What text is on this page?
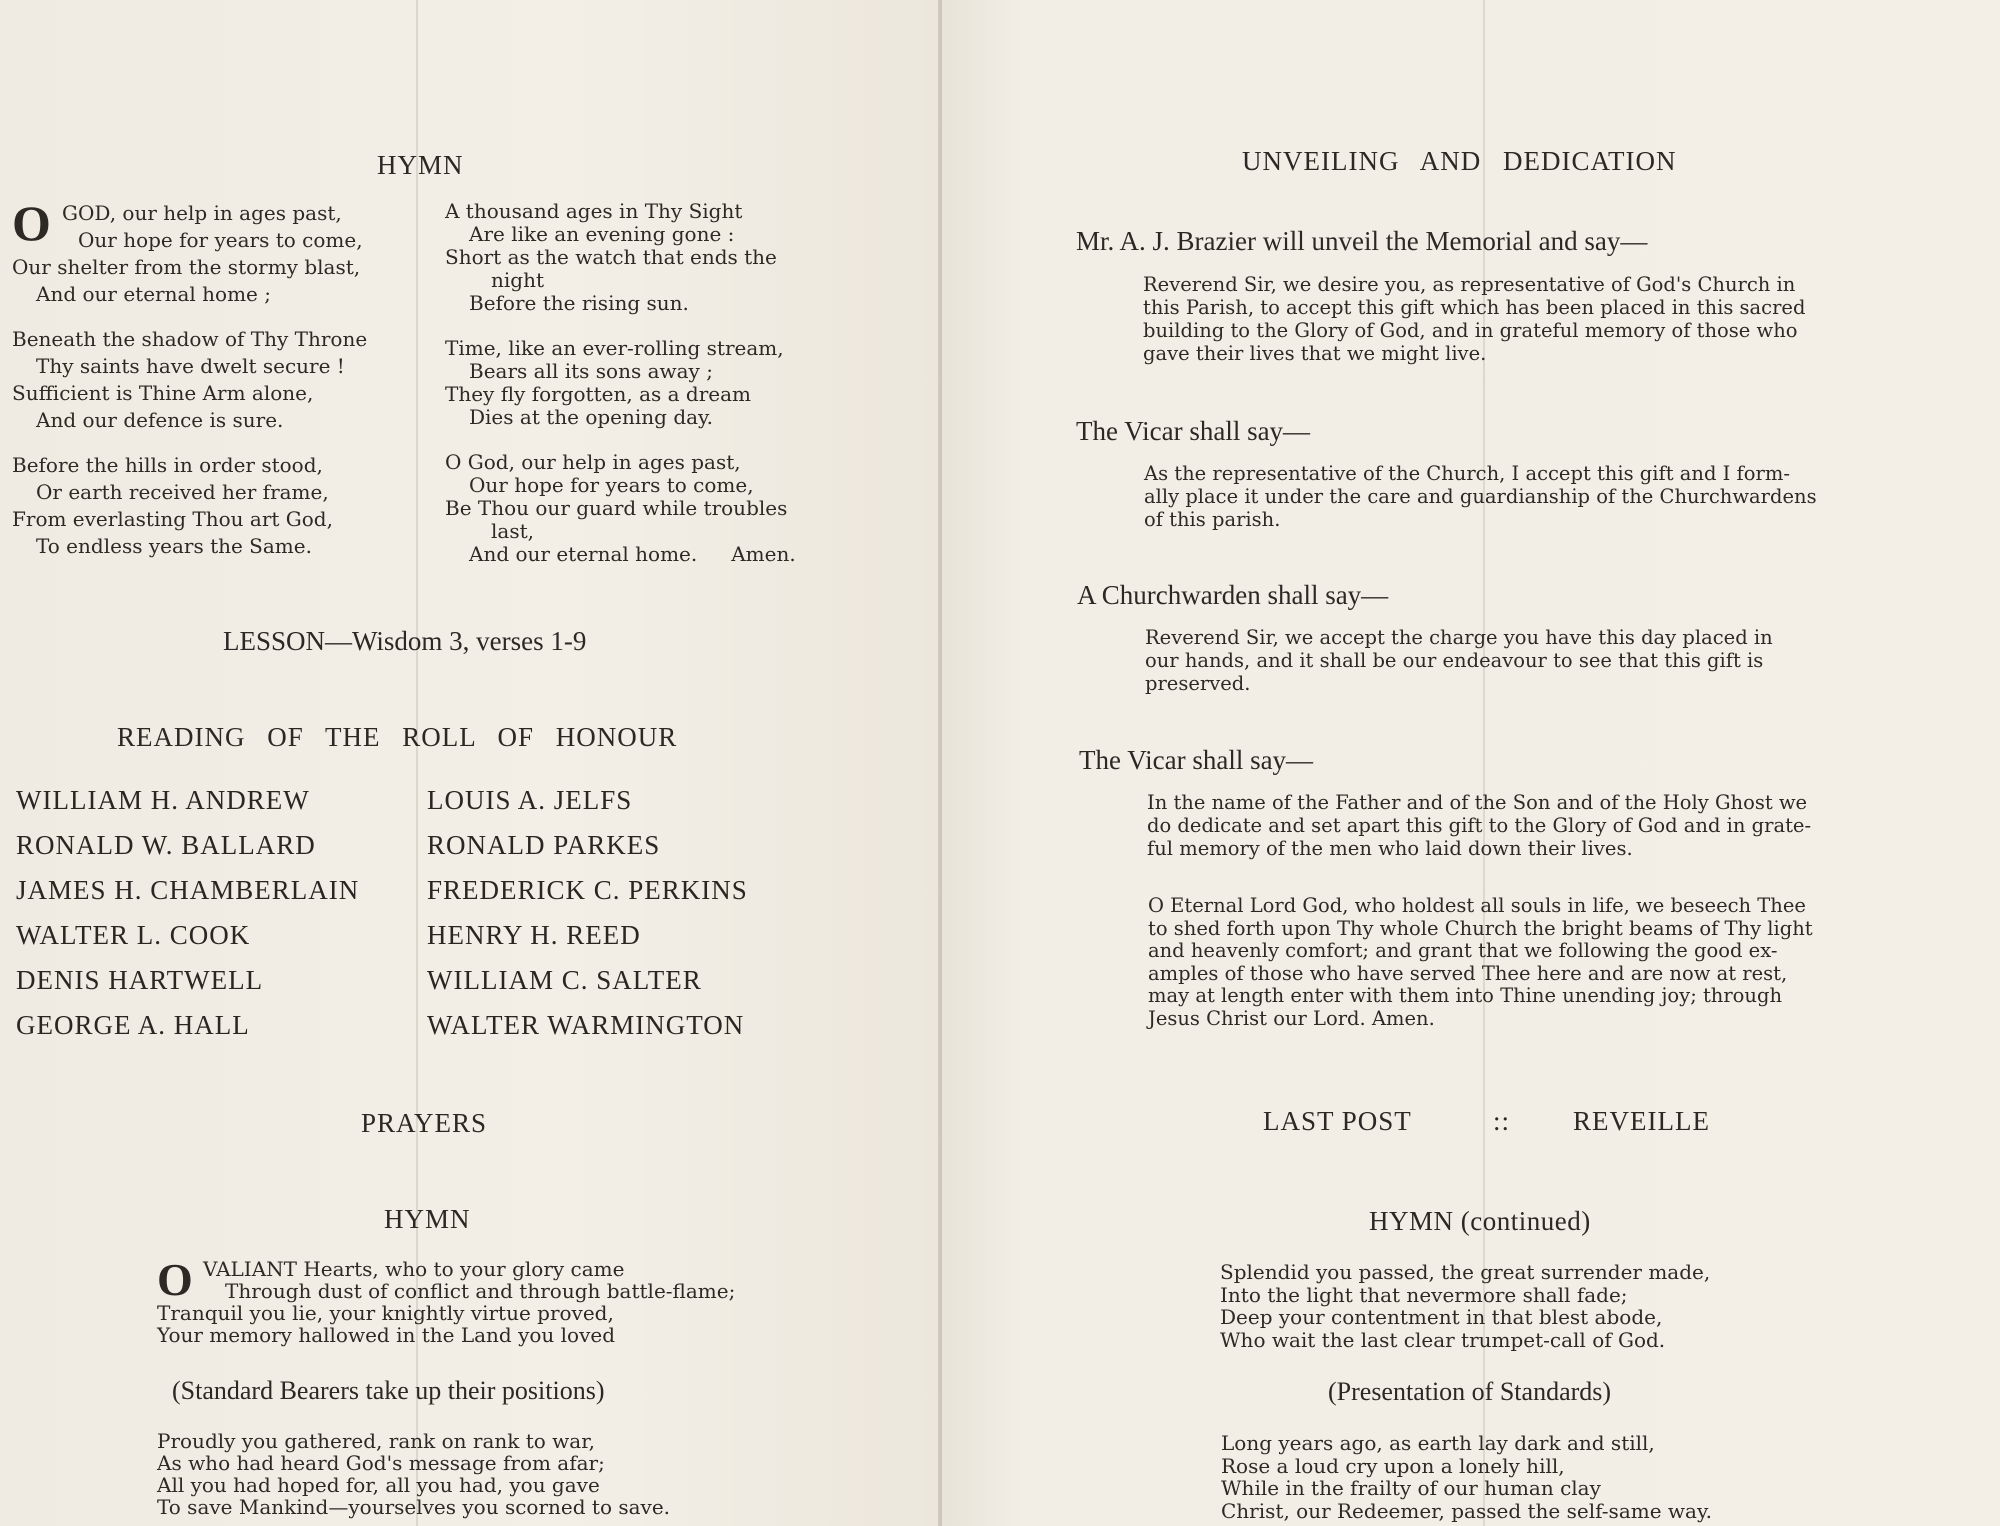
HYMN
O GOD, our help in ages past,
Our hope for years to come,
Our shelter from the stormy blast,
And our eternal home ;
Beneath the shadow of Thy Throne
Thy saints have dwelt secure !
Sufficient is Thine Arm alone,
And our defence is sure.
Before the hills in order stood,
Or earth received her frame,
From everlasting Thou art God,
To endless years the Same.
A thousand ages in Thy Sight
Are like an evening gone :
Short as the watch that ends the
night
Before the rising sun.
Time, like an ever-rolling stream,
Bears all its sons away ;
They fly forgotten, as a dream
Dies at the opening day.
O God, our help in ages past,
Our hope for years to come,
Be Thou our guard while troubles
last,
And our eternal home. Amen.
LESSON—Wisdom 3, verses 1-9
READING OF THE ROLL OF HONOUR
WILLIAM H. ANDREW
RONALD W. BALLARD
JAMES H. CHAMBERLAIN
WALTER L. COOK
DENIS HARTWELL
GEORGE A. HALL
LOUIS A. JELFS
RONALD PARKES
FREDERICK C. PERKINS
HENRY H. REED
WILLIAM C. SALTER
WALTER WARMINGTON
PRAYERS
HYMN
O VALIANT Hearts, who to your glory came
Through dust of conflict and through battle-flame;
Tranquil you lie, your knightly virtue proved,
Your memory hallowed in the Land you loved
(Standard Bearers take up their positions)
Proudly you gathered, rank on rank to war,
As who had heard God's message from afar;
All you had hoped for, all you had, you gave
To save Mankind—yourselves you scorned to save.
UNVEILING AND DEDICATION
Mr. A. J. Brazier will unveil the Memorial and say—
Reverend Sir, we desire you, as representative of God's Church in
this Parish, to accept this gift which has been placed in this sacred
building to the Glory of God, and in grateful memory of those who
gave their lives that we might live.
The Vicar shall say—
As the representative of the Church, I accept this gift and I form-
ally place it under the care and guardianship of the Churchwardens
of this parish.
A Churchwarden shall say—
Reverend Sir, we accept the charge you have this day placed in
our hands, and it shall be our endeavour to see that this gift is
preserved.
The Vicar shall say—
In the name of the Father and of the Son and of the Holy Ghost we
do dedicate and set apart this gift to the Glory of God and in grate-
ful memory of the men who laid down their lives.
O Eternal Lord God, who holdest all souls in life, we beseech Thee
to shed forth upon Thy whole Church the bright beams of Thy light
and heavenly comfort; and grant that we following the good ex-
amples of those who have served Thee here and are now at rest,
may at length enter with them into Thine unending joy; through
Jesus Christ our Lord. Amen.
LAST POST	:: REVEILLE
HYMN (continued)
Splendid you passed, the great surrender made,
Into the light that nevermore shall fade;
Deep your contentment in that blest abode,
Who wait the last clear trumpet-call of God.
(Presentation of Standards)
Long years ago, as earth lay dark and still,
Rose a loud cry upon a lonely hill,
While in the frailty of our human clay
Christ, our Redeemer, passed the self-same way.
